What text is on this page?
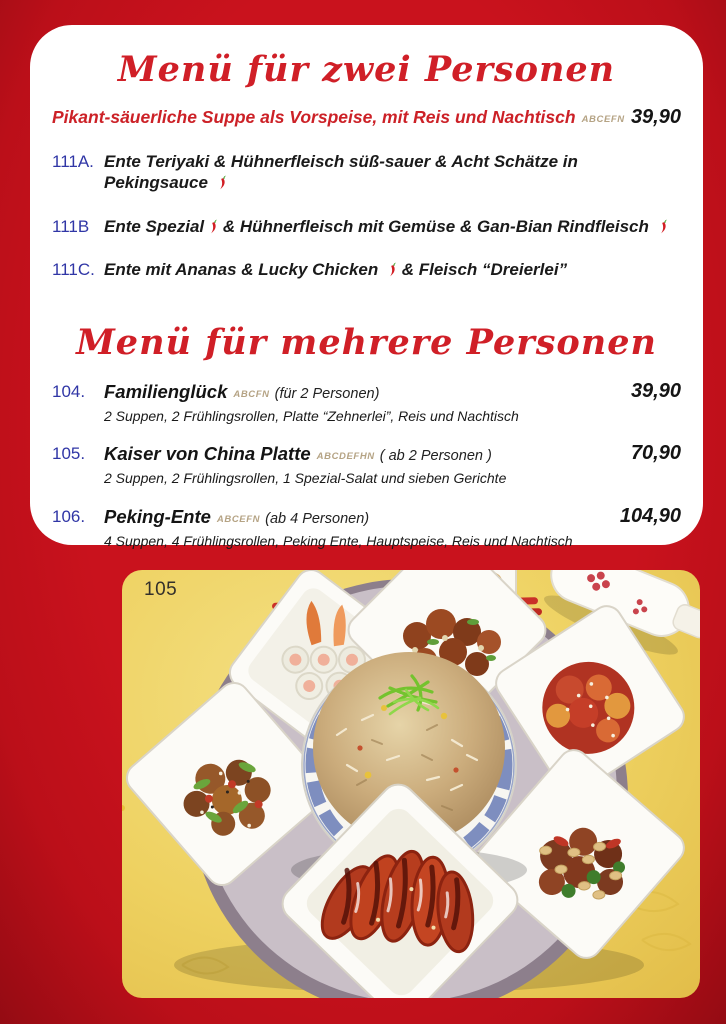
Menü für zwei Personen
Pikant-säuerliche Suppe als Vorspeise, mit Reis und Nachtisch ABCEFN 39,90
111A. Ente Teriyaki & Hühnerfleisch süß-sauer & Acht Schätze in Pekingsauce
111B Ente Spezial & Hühnerfleisch mit Gemüse & Gan-Bian Rindfleisch
111C. Ente mit Ananas & Lucky Chicken  & Fleisch “Dreierlei”
Menü für mehrere Personen
104.	Familienglück ABCFN (für 2 Personen)
2 Suppen, 2 Frühlingsrollen, Platte “Zehnerlei”, Reis und Nachtisch
39,90
105.	Kaiser von China Platte ABCDEFHN ( ab 2 Personen )
2 Suppen, 2 Frühlingsrollen, 1 Spezial-Salat und sieben Gerichte
70,90
106.	Peking-Ente ABCEFN (ab 4 Personen)
4 Suppen, 4 Frühlingsrollen, Peking Ente, Hauptspeise, Reis und Nachtisch
104,90
105
